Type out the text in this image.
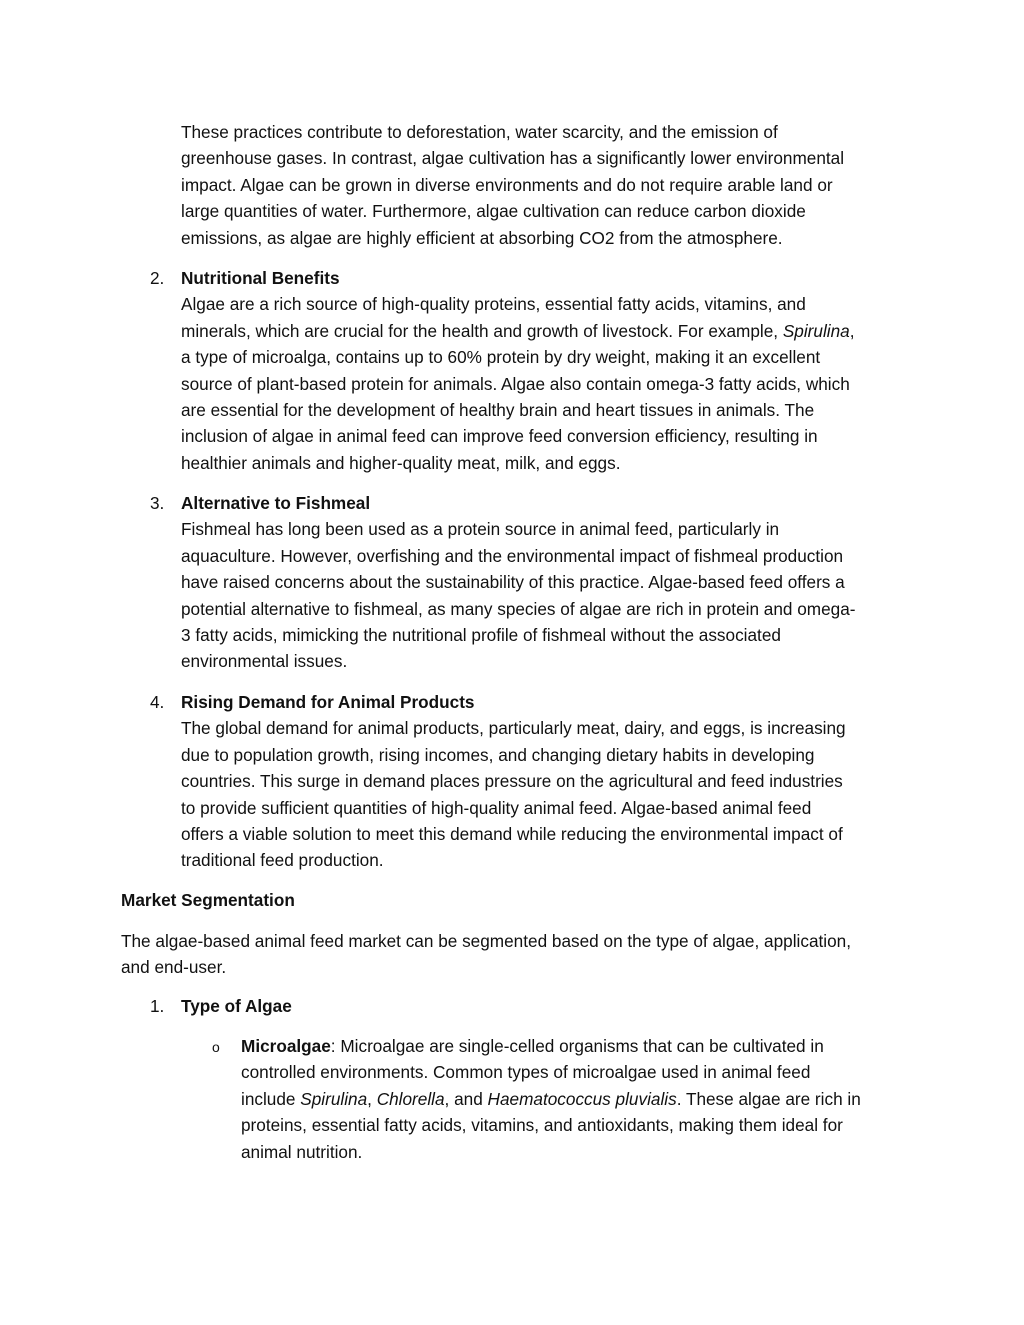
These practices contribute to deforestation, water scarcity, and the emission of

greenhouse gases. In contrast, algae cultivation has a significantly lower environmental

impact. Algae can be grown in diverse environments and do not require arable land or

large quantities of water. Furthermore, algae cultivation can reduce carbon dioxide

emissions, as algae are highly efficient at absorbing CO2 from the atmosphere.

2. Nutritional Benefits

Algae are a rich source of high-quality proteins, essential fatty acids, vitamins, and

minerals, which are crucial for the health and growth of livestock. For example, Spirulina,

a type of microalga, contains up to 60% protein by dry weight, making it an excellent

source of plant-based protein for animals. Algae also contain omega-3 fatty acids, which

are essential for the development of healthy brain and heart tissues in animals. The

inclusion of algae in animal feed can improve feed conversion efficiency, resulting in

healthier animals and higher-quality meat, milk, and eggs.

3. Alternative to Fishmeal

Fishmeal has long been used as a protein source in animal feed, particularly in

aquaculture. However, overfishing and the environmental impact of fishmeal production

have raised concerns about the sustainability of this practice. Algae-based feed offers a

potential alternative to fishmeal, as many species of algae are rich in protein and omega-

3 fatty acids, mimicking the nutritional profile of fishmeal without the associated

environmental issues.

4. Rising Demand for Animal Products

The global demand for animal products, particularly meat, dairy, and eggs, is increasing

due to population growth, rising incomes, and changing dietary habits in developing

countries. This surge in demand places pressure on the agricultural and feed industries

to provide sufficient quantities of high-quality animal feed. Algae-based animal feed

offers a viable solution to meet this demand while reducing the environmental impact of

traditional feed production.

Market Segmentation

The algae-based animal feed market can be segmented based on the type of algae, application,

and end-user.

1. Type of Algae

o Microalgae: Microalgae are single-celled organisms that can be cultivated in

controlled environments. Common types of microalgae used in animal feed

include Spirulina, Chlorella, and Haematococcus pluvialis. These algae are rich in

proteins, essential fatty acids, vitamins, and antioxidants, making them ideal for

animal nutrition.
